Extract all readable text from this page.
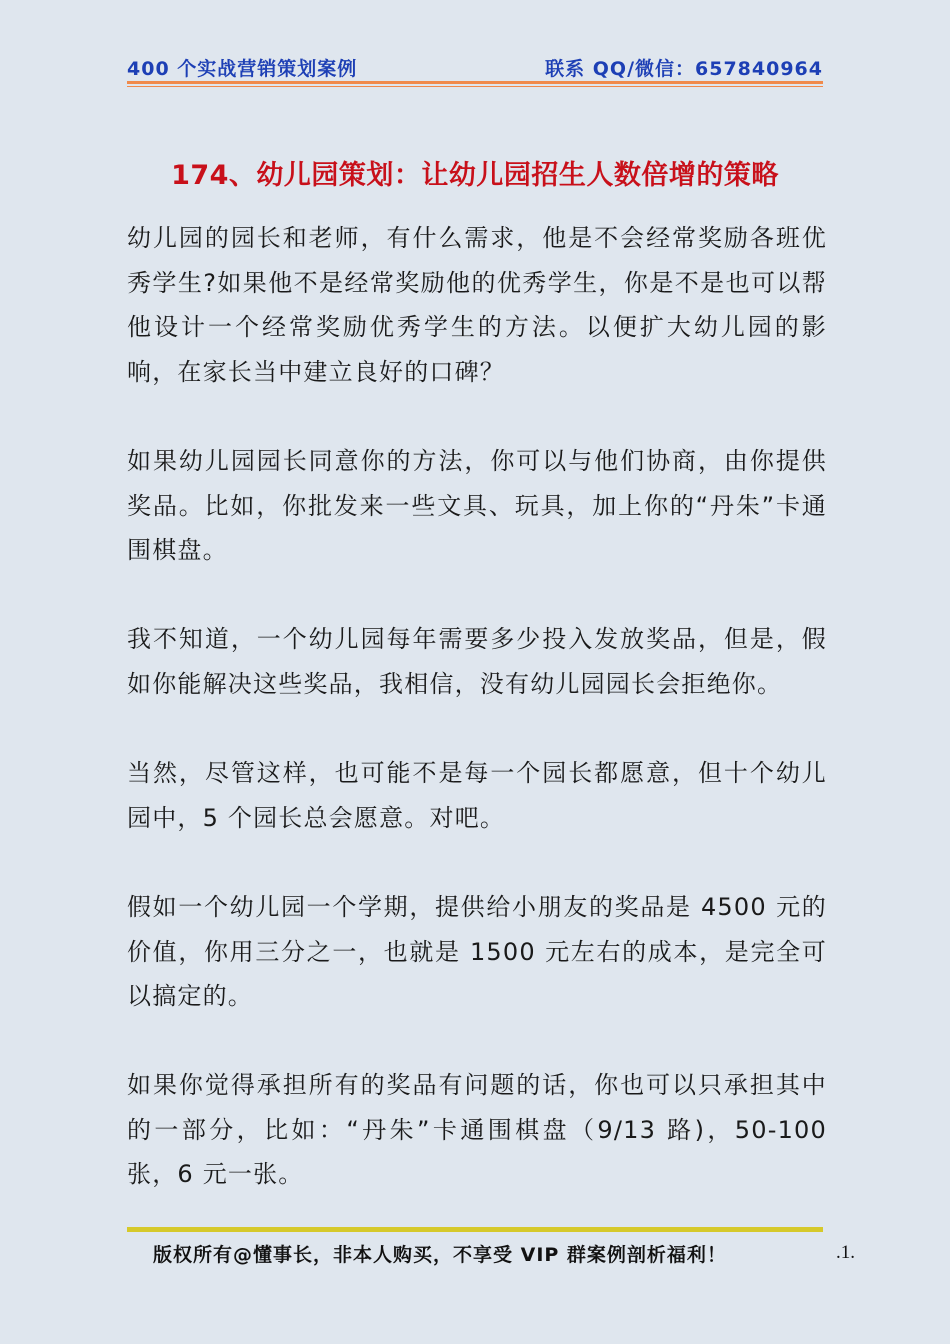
400 个实战营销策划案例	联系 QQ/微信：657840964
174、幼儿园策划：让幼儿园招生人数倍增的策略
幼儿园的园长和老师，有什么需求，他是不会经常奖励各班优秀学生?如果他不是经常奖励他的优秀学生，你是不是也可以帮他设计一个经常奖励优秀学生的方法。以便扩大幼儿园的影响，在家长当中建立良好的口碑？
如果幼儿园园长同意你的方法，你可以与他们协商，由你提供奖品。比如，你批发来一些文具、玩具，加上你的“丹朱”卡通围棋盘。
我不知道，一个幼儿园每年需要多少投入发放奖品，但是，假如你能解决这些奖品，我相信，没有幼儿园园长会拒绝你。
当然，尽管这样，也可能不是每一个园长都愿意，但十个幼儿园中，5 个园长总会愿意。对吧。
假如一个幼儿园一个学期，提供给小朋友的奖品是 4500 元的价值，你用三分之一，也就是 1500 元左右的成本，是完全可以搞定的。
如果你觉得承担所有的奖品有问题的话，你也可以只承担其中的一部分，比如：“丹朱”卡通围棋盘（9/13 路)，50-100 张，6 元一张。
版权所有@懂事长，非本人购买，不享受 VIP 群案例剖析福利！	.1.
